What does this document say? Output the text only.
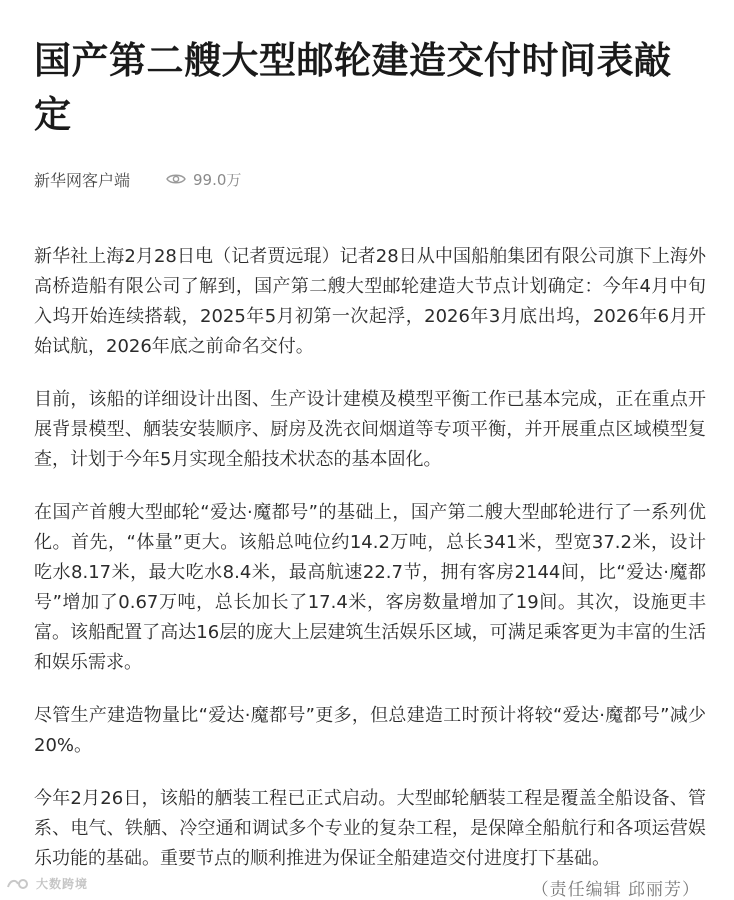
国产第二艘大型邮轮建造交付时间表敲定
新华网客户端	99.0万

新华社上海2月28日电（记者贾远琨）记者28日从中国船舶集团有限公司旗下上海外高桥造船有限公司了解到，国产第二艘大型邮轮建造大节点计划确定：今年4月中旬入坞开始连续搭载，2025年5月初第一次起浮，2026年3月底出坞，2026年6月开始试航，2026年底之前命名交付。

目前，该船的详细设计出图、生产设计建模及模型平衡工作已基本完成，正在重点开展背景模型、舾装安装顺序、厨房及洗衣间烟道等专项平衡，并开展重点区域模型复查，计划于今年5月实现全船技术状态的基本固化。

在国产首艘大型邮轮“爱达·魔都号”的基础上，国产第二艘大型邮轮进行了一系列优化。首先，“体量”更大。该船总吨位约14.2万吨，总长341米，型宽37.2米，设计吃水8.17米，最大吃水8.4米，最高航速22.7节，拥有客房2144间，比“爱达·魔都号”增加了0.67万吨，总长加长了17.4米，客房数量增加了19间。其次，设施更丰富。该船配置了高达16层的庞大上层建筑生活娱乐区域，可满足乘客更为丰富的生活和娱乐需求。

尽管生产建造物量比“爱达·魔都号”更多，但总建造工时预计将较“爱达·魔都号”减少20%。

今年2月26日，该船的舾装工程已正式启动。大型邮轮舾装工程是覆盖全船设备、管系、电气、铁舾、冷空通和调试多个专业的复杂工程，是保障全船航行和各项运营娱乐功能的基础。重要节点的顺利推进为保证全船建造交付进度打下基础。

大数跨境	（责任编辑 邱丽芳）
